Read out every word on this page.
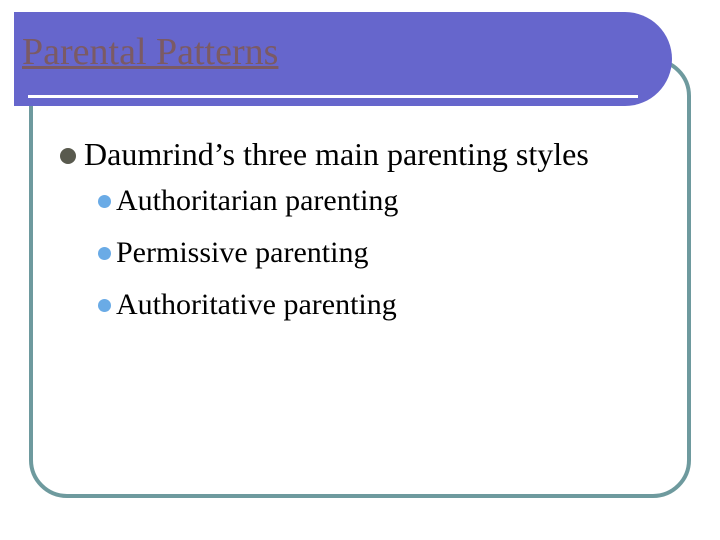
Parental Patterns
Daumrind’s three main parenting styles
Authoritarian parenting
Permissive parenting
Authoritative parenting
